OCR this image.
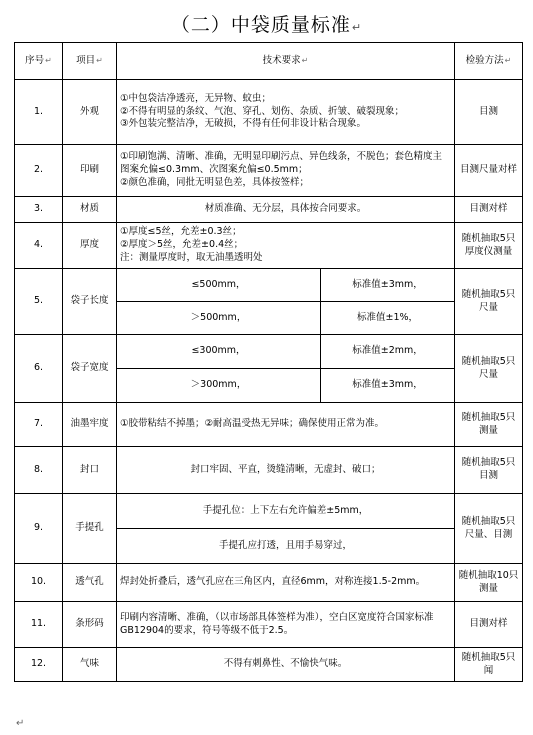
（二）中袋质量标准↵
序号↵	项目↵	技术要求↵		检验方法↵
1.	外观	①中包袋洁净透亮，无异物、蚊虫；
②不得有明显的条纹、气泡、穿孔、划伤、杂质、折皱、破裂现象；
③外包装完整洁净，无破损，不得有任何非设计粘合现象。		目测
2.	印刷	①印刷饱满、清晰、准确，无明显印刷污点、异色线条，不脱色；套色精度主图案允偏≤0.3mm、次图案允偏≤0.5mm；
②颜色准确，同批无明显色差，具体按签样；		目测尺量对样
3.	材质	材质准确、无分层，具体按合同要求。		目测对样
4.	厚度	①厚度≤5丝，允差±0.3丝；
②厚度＞5丝，允差±0.4丝；
注：测量厚度时，取无油墨透明处		随机抽取5只厚度仪测量
5.	袋子长度	≤500mm，	标准值±3mm，	随机抽取5只尺量
		＞500mm，	标准值±1%，	
6.	袋子宽度	≤300mm，	标准值±2mm，	随机抽取5只尺量
		＞300mm，	标准值±3mm，	
7.	油墨牢度	①胶带粘结不掉墨；②耐高温受热无异味；确保使用正常为准。		随机抽取5只测量
8.	封口	封口牢固、平直，烫缝清晰，无虚封、破口；		随机抽取5只目测
9.	手提孔	手提孔位：上下左右允许偏差±5mm，		随机抽取5只尺量、目测
		手提孔应打透，且用手易穿过，		
10.	透气孔	焊封处折叠后，透气孔应在三角区内，直径6mm，对称连接1.5-2mm。		随机抽取10只测量
11.	条形码	印刷内容清晰、准确，（以市场部具体签样为准），空白区宽度符合国家标准GB12904的要求，符号等级不低于2.5。		目测对样
12.	气味	不得有刺鼻性、不愉快气味。		随机抽取5只闻
↵
